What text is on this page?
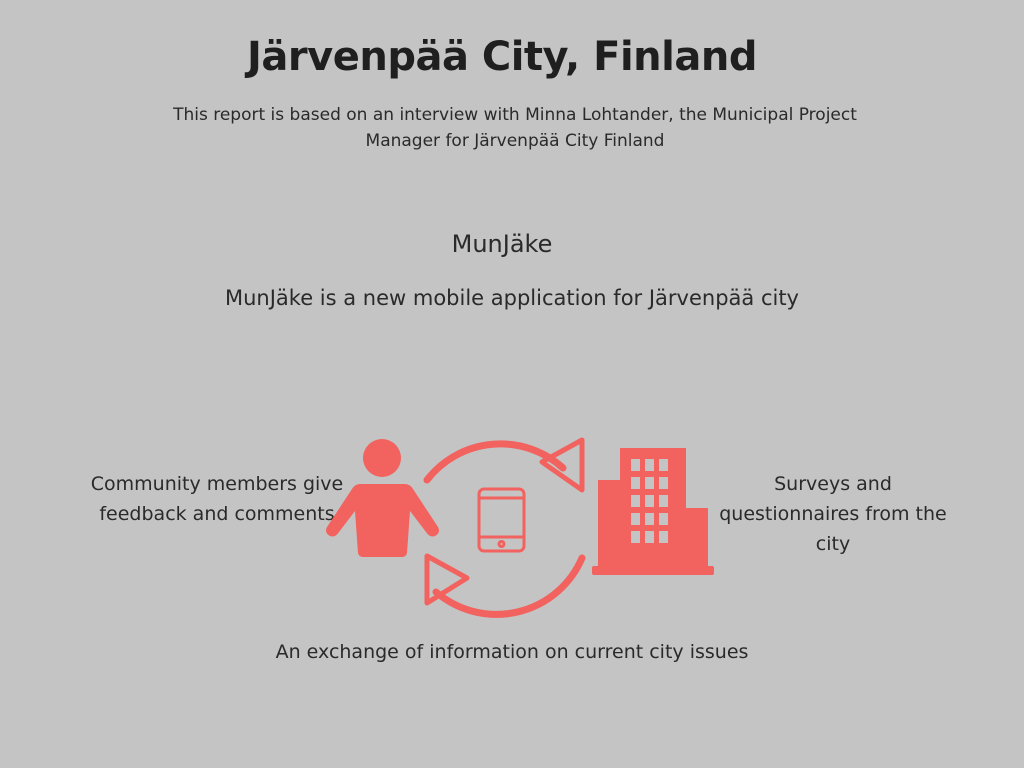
Järvenpää City, Finland
This report is based on an interview with Minna Lohtander, the Municipal Project Manager for Järvenpää City Finland
MunJäke
MunJäke is a new mobile application for Järvenpää city
Community members give feedback and comments
Surveys and questionnaires from the city
An exchange of information on current city issues
